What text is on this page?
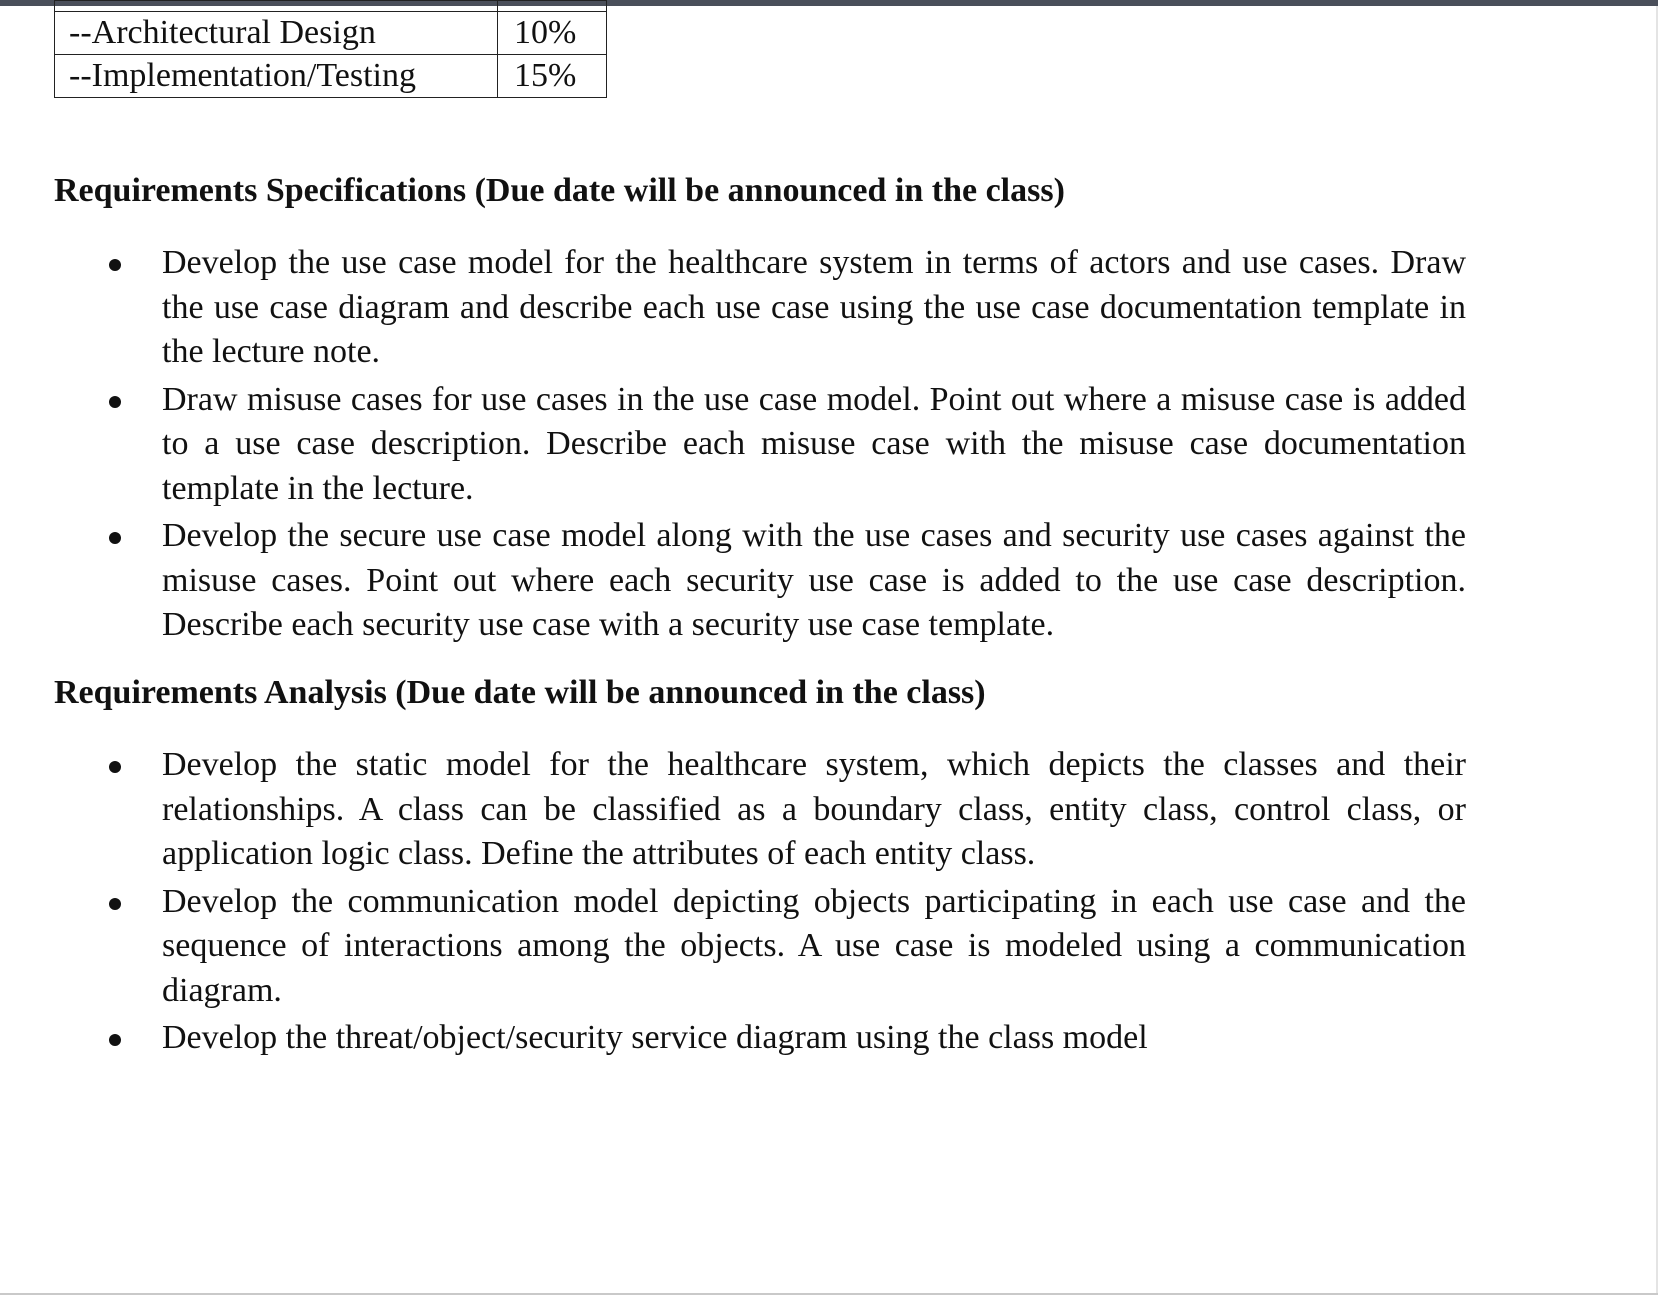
--Architectural Design	10%
--Implementation/Testing	15%
Requirements Specifications (Due date will be announced in the class)
Develop the use case model for the healthcare system in terms of actors and use cases. Draw the use case diagram and describe each use case using the use case documentation template in the lecture note.
Draw misuse cases for use cases in the use case model. Point out where a misuse case is added to a use case description. Describe each misuse case with the misuse case documentation template in the lecture.
Develop the secure use case model along with the use cases and security use cases against the misuse cases. Point out where each security use case is added to the use case description. Describe each security use case with a security use case template.
Requirements Analysis (Due date will be announced in the class)
Develop the static model for the healthcare system, which depicts the classes and their relationships. A class can be classified as a boundary class, entity class, control class, or application logic class. Define the attributes of each entity class.
Develop the communication model depicting objects participating in each use case and the sequence of interactions among the objects. A use case is modeled using a communication diagram.
Develop the threat/object/security service diagram using the class model
